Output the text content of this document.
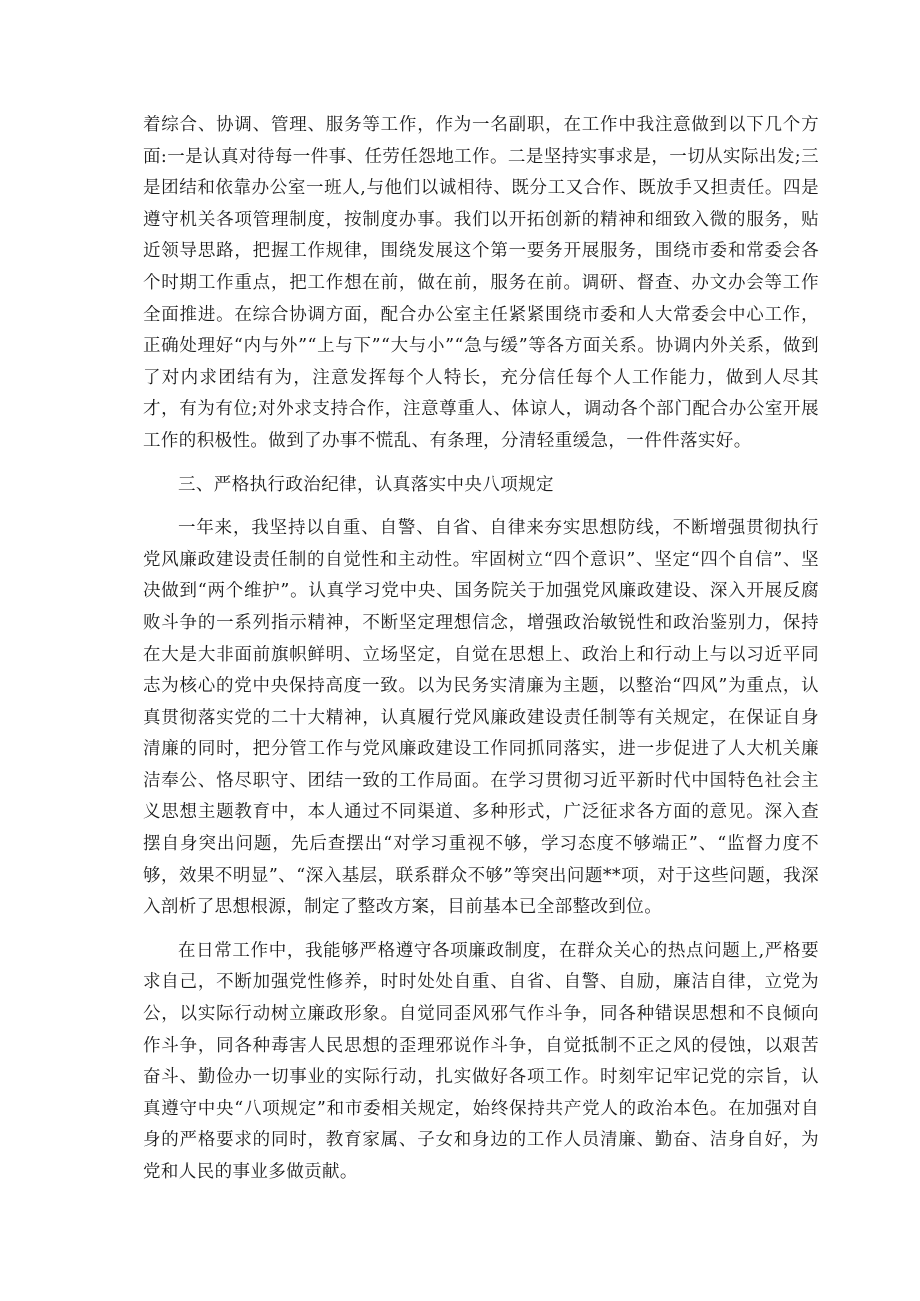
着综合、协调、管理、服务等工作，作为一名副职，在工作中我注意做到以下几个方面:一是认真对待每一件事、任劳任怨地工作。二是坚持实事求是，一切从实际出发;三是团结和依靠办公室一班人,与他们以诚相待、既分工又合作、既放手又担责任。四是遵守机关各项管理制度，按制度办事。我们以开拓创新的精神和细致入微的服务，贴近领导思路，把握工作规律，围绕发展这个第一要务开展服务，围绕市委和常委会各个时期工作重点，把工作想在前，做在前，服务在前。调研、督查、办文办会等工作全面推进。在综合协调方面，配合办公室主任紧紧围绕市委和人大常委会中心工作，正确处理好“内与外”“上与下”“大与小”“急与缓”等各方面关系。协调内外关系，做到了对内求团结有为，注意发挥每个人特长，充分信任每个人工作能力，做到人尽其才，有为有位;对外求支持合作，注意尊重人、体谅人，调动各个部门配合办公室开展工作的积极性。做到了办事不慌乱、有条理，分清轻重缓急，一件件落实好。

三、严格执行政治纪律，认真落实中央八项规定

一年来，我坚持以自重、自警、自省、自律来夯实思想防线，不断增强贯彻执行党风廉政建设责任制的自觉性和主动性。牢固树立“四个意识”、坚定“四个自信”、坚决做到“两个维护”。认真学习党中央、国务院关于加强党风廉政建设、深入开展反腐败斗争的一系列指示精神，不断坚定理想信念，增强政治敏锐性和政治鉴别力，保持在大是大非面前旗帜鲜明、立场坚定，自觉在思想上、政治上和行动上与以习近平同志为核心的党中央保持高度一致。以为民务实清廉为主题，以整治“四风”为重点，认真贯彻落实党的二十大精神，认真履行党风廉政建设责任制等有关规定，在保证自身清廉的同时，把分管工作与党风廉政建设工作同抓同落实，进一步促进了人大机关廉洁奉公、恪尽职守、团结一致的工作局面。在学习贯彻习近平新时代中国特色社会主义思想主题教育中，本人通过不同渠道、多种形式，广泛征求各方面的意见。深入查摆自身突出问题，先后查摆出“对学习重视不够，学习态度不够端正”、“监督力度不够，效果不明显”、“深入基层，联系群众不够”等突出问题**项，对于这些问题，我深入剖析了思想根源，制定了整改方案，目前基本已全部整改到位。

在日常工作中，我能够严格遵守各项廉政制度，在群众关心的热点问题上,严格要求自己，不断加强党性修养，时时处处自重、自省、自警、自励，廉洁自律，立党为公，以实际行动树立廉政形象。自觉同歪风邪气作斗争，同各种错误思想和不良倾向作斗争，同各种毒害人民思想的歪理邪说作斗争，自觉抵制不正之风的侵蚀，以艰苦奋斗、勤俭办一切事业的实际行动，扎实做好各项工作。时刻牢记牢记党的宗旨，认真遵守中央“八项规定”和市委相关规定，始终保持共产党人的政治本色。在加强对自身的严格要求的同时，教育家属、子女和身边的工作人员清廉、勤奋、洁身自好，为党和人民的事业多做贡献。
